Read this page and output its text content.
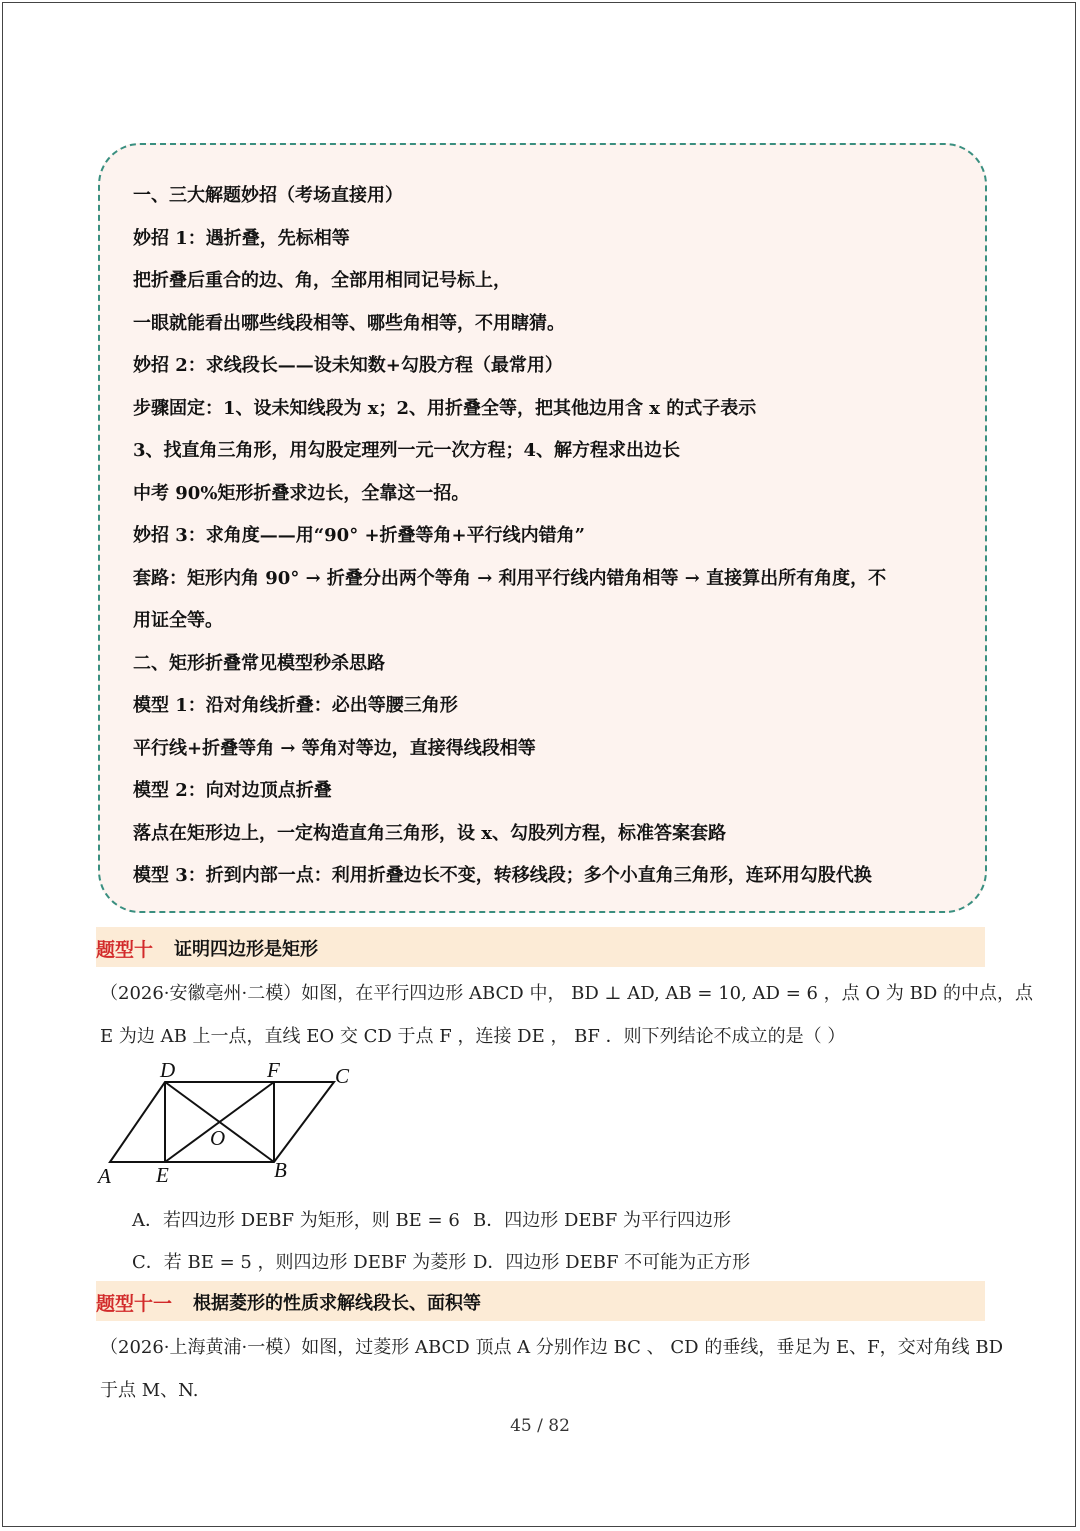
一、三大解题妙招（考场直接用）
妙招 1：遇折叠，先标相等
把折叠后重合的边、角，全部用相同记号标上，
一眼就能看出哪些线段相等、哪些角相等，不用瞎猜。
妙招 2：求线段长——设未知数+勾股方程（最常用）
步骤固定：1、设未知线段为 x；2、用折叠全等，把其他边用含 x 的式子表示
3、找直角三角形，用勾股定理列一元一次方程；4、解方程求出边长
中考 90%矩形折叠求边长，全靠这一招。
妙招 3：求角度——用“90° +折叠等角+平行线内错角”
套路：矩形内角 90° → 折叠分出两个等角 → 利用平行线内错角相等 → 直接算出所有角度，不
用证全等。
二、矩形折叠常见模型秒杀思路
模型 1：沿对角线折叠：必出等腰三角形
平行线+折叠等角 → 等角对等边，直接得线段相等
模型 2：向对边顶点折叠
落点在矩形边上，一定构造直角三角形，设 x、勾股列方程，标准答案套路
模型 3：折到内部一点：利用折叠边长不变，转移线段；多个小直角三角形，连环用勾股代换
题型十 证明四边形是矩形
（2026·安徽亳州·二模）如图，在平行四边形 ABCD 中， BD ⊥ AD, AB = 10, AD = 6 ，点 O 为 BD 的中点，点
E 为边 AB 上一点，直线 EO 交 CD 于点 F ，连接 DE ， BF ．则下列结论不成立的是（ ）
D	F	C
O
A E	B
A．若四边形 DEBF 为矩形，则 BE = 6 B．四边形 DEBF 为平行四边形
C．若 BE = 5 ，则四边形 DEBF 为菱形 D．四边形 DEBF 不可能为正方形
题型十一 根据菱形的性质求解线段长、面积等
（2026·上海黄浦·一模）如图，过菱形 ABCD 顶点 A 分别作边 BC 、 CD 的垂线，垂足为 E、F，交对角线 BD
于点 M、N.
45 / 82
